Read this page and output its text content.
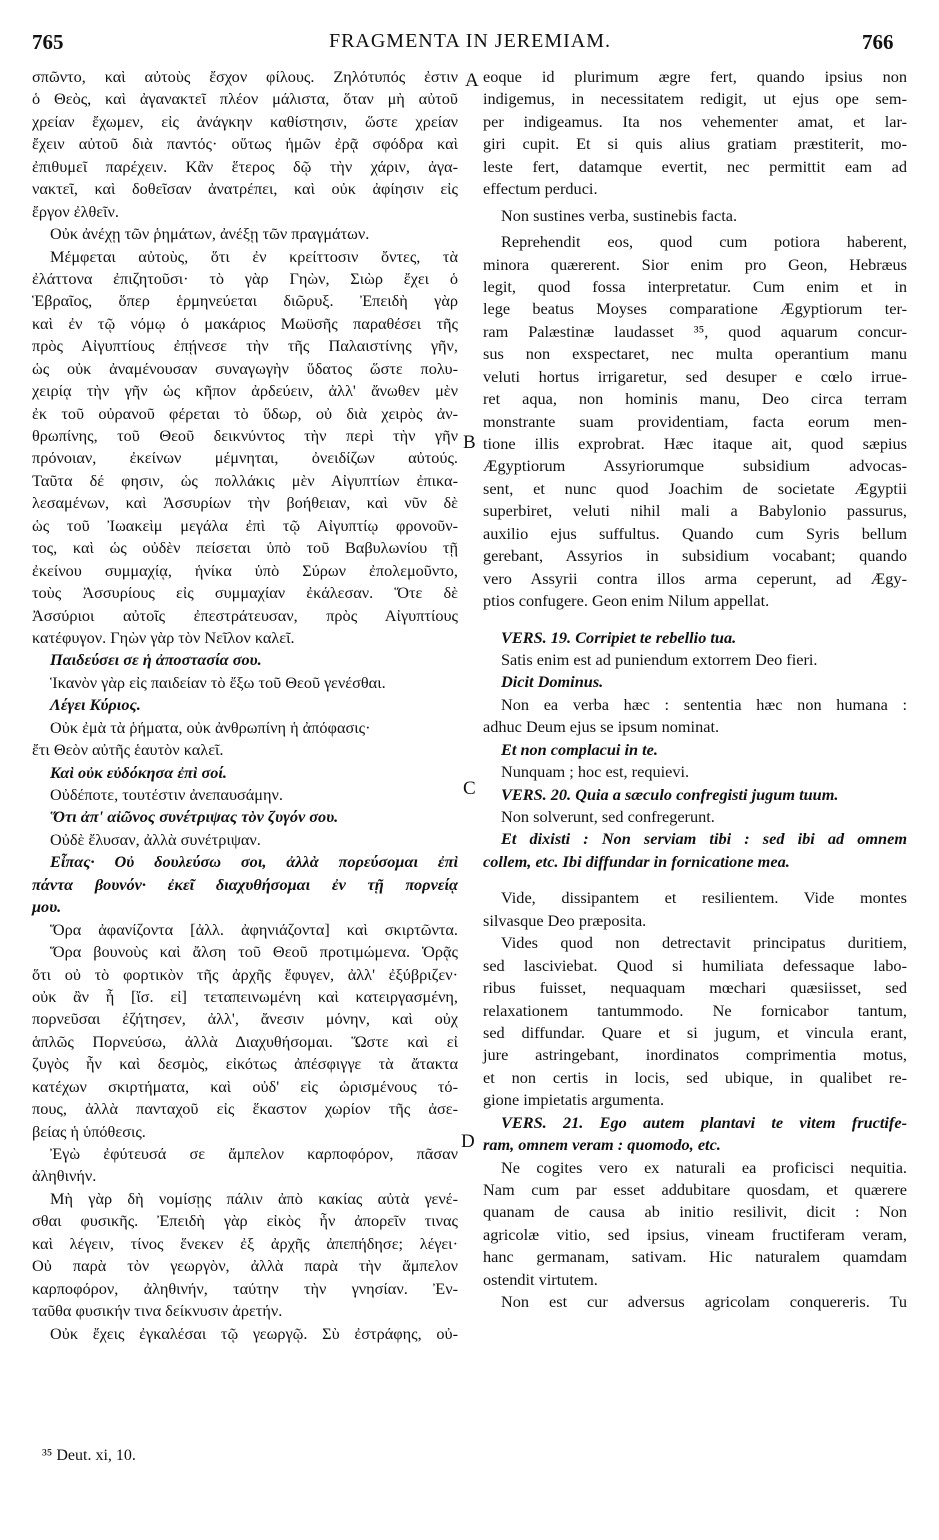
765	FRAGMENTA IN JEREMIAM.	766
A
B
C
D
σπῶντο, καὶ αὐτοὺς ἔσχον φίλους. Ζηλότυπός ἐστιν
ὁ Θεὸς, καὶ ἀγανακτεῖ πλέον μάλιστα, ὅταν μὴ αὐτοῦ
χρείαν ἔχωμεν, εἰς ἀνάγκην καθίστησιν, ὥστε χρείαν
ἔχειν αὐτοῦ διὰ παντός· οὕτως ἡμῶν ἐρᾷ σφόδρα καὶ
ἐπιθυμεῖ παρέχειν. Κἂν ἕτερος δῷ τὴν χάριν, ἀγα-
νακτεῖ, καὶ δοθεῖσαν ἀνατρέπει, καὶ οὐκ ἀφίησιν εἰς
ἔργον ἐλθεῖν.
Οὐκ ἀνέχῃ τῶν ῥημάτων, ἀνέξῃ τῶν πραγμάτων.
Μέμφεται αὐτοὺς, ὅτι ἐν κρείττοσιν ὄντες, τὰ
ἐλάττονα ἐπιζητοῦσι· τὸ γὰρ Γηὼν, Σιὼρ ἔχει ὁ
Ἑβραῖος, ὅπερ ἑρμηνεύεται διῶρυξ. Ἐπειδὴ γὰρ
καὶ ἐν τῷ νόμῳ ὁ μακάριος Μωϋσῆς παραθέσει τῆς
πρὸς Αἰγυπτίους ἐπῄνεσε τὴν τῆς Παλαιστίνης γῆν,
ὡς οὐκ ἀναμένουσαν συναγωγὴν ὕδατος ὥστε πολυ-
χειρίᾳ τὴν γῆν ὡς κῆπον ἀρδεύειν, ἀλλ' ἄνωθεν μὲν
ἐκ τοῦ οὐρανοῦ φέρεται τὸ ὕδωρ, οὐ διὰ χειρὸς ἀν-
θρωπίνης, τοῦ Θεοῦ δεικνύντος τὴν περὶ τὴν γῆν
πρόνοιαν, ἐκείνων μέμνηται, ὀνειδίζων αὐτούς.
Ταῦτα δέ φησιν, ὡς πολλάκις μὲν Αἰγυπτίων ἐπικα-
λεσαμένων, καὶ Ἀσσυρίων τὴν βοήθειαν, καὶ νῦν δὲ
ὡς τοῦ Ἰωακεὶμ μεγάλα ἐπὶ τῷ Αἰγυπτίῳ φρονοῦν-
τος, καὶ ὡς οὐδὲν πείσεται ὑπὸ τοῦ Βαβυλωνίου τῇ
ἐκείνου συμμαχίᾳ, ἡνίκα ὑπὸ Σύρων ἐπολεμοῦντο,
τοὺς Ἀσσυρίους εἰς συμμαχίαν ἐκάλεσαν. Ὅτε δὲ
Ἀσσύριοι αὐτοῖς ἐπεστράτευσαν, πρὸς Αἰγυπτίους
κατέφυγον. Γηὼν γὰρ τὸν Νεῖλον καλεῖ.
Παιδεύσει σε ἡ ἀποστασία σου.
Ἱκανὸν γὰρ εἰς παιδείαν τὸ ἔξω τοῦ Θεοῦ γενέσθαι.
Λέγει Κύριος.
Οὐκ ἐμὰ τὰ ῥήματα, οὐκ ἀνθρωπίνη ἡ ἀπόφασις·
ἔτι Θεὸν αὐτῆς ἑαυτὸν καλεῖ.
Καὶ οὐκ εὐδόκησα ἐπὶ σοί.
Οὐδέποτε, τουτέστιν ἀνεπαυσάμην.
Ὅτι ἀπ' αἰῶνος συνέτριψας τὸν ζυγόν σου.
Οὐδὲ ἔλυσαν, ἀλλὰ συνέτριψαν.
Εἶπας· Οὐ δουλεύσω σοι, ἀλλὰ πορεύσομαι ἐπὶ
πάντα βουνόν· ἐκεῖ διαχυθήσομαι ἐν τῇ πορνείᾳ
μου.
Ὅρα ἀφανίζοντα [ἀλλ. ἀφηνιάζοντα] καὶ σκιρτῶντα.
Ὅρα βουνοὺς καὶ ἄλση τοῦ Θεοῦ προτιμώμενα. Ὁρᾷς
ὅτι οὐ τὸ φορτικὸν τῆς ἀρχῆς ἔφυγεν, ἀλλ' ἐξύβριζεν·
οὐκ ἂν ἦ [ἴσ. εἰ] τεταπεινωμένη καὶ κατειργασμένη,
πορνεῦσαι ἐζήτησεν, ἀλλ', ἄνεσιν μόνην, καὶ οὐχ
ἁπλῶς Πορνεύσω, ἀλλὰ Διαχυθήσομαι. Ὥστε καὶ εἰ
ζυγὸς ἦν καὶ δεσμὸς, εἰκότως ἀπέσφιγγε τὰ ἄτακτα
κατέχων σκιρτήματα, καὶ οὐδ' εἰς ὡρισμένους τό-
πους, ἀλλὰ πανταχοῦ εἰς ἕκαστον χωρίον τῆς ἀσε-
βείας ἡ ὑπόθεσις.
Ἐγὼ ἐφύτευσά σε ἄμπελον καρποφόρον, πᾶσαν
ἀληθινήν.
Μὴ γὰρ δὴ νομίσῃς πάλιν ἀπὸ κακίας αὐτὰ γενέ-
σθαι φυσικῆς. Ἐπειδὴ γὰρ εἰκὸς ἦν ἀπορεῖν τινας
καὶ λέγειν, τίνος ἕνεκεν ἐξ ἀρχῆς ἀπεπήδησε; λέγει·
Οὐ παρὰ τὸν γεωργὸν, ἀλλὰ παρὰ τὴν ἄμπελον
καρποφόρον, ἀληθινήν, ταύτην τὴν γνησίαν. Ἐν-
ταῦθα φυσικήν τινα δείκνυσιν ἀρετήν.
Οὐκ ἔχεις ἐγκαλέσαι τῷ γεωργῷ. Σὺ ἐστράφης, οὐ-
eoque id plurimum ægre fert, quando ipsius non
indigemus, in necessitatem redigit, ut ejus ope sem-
per indigeamus. Ita nos vehementer amat, et lar-
giri cupit. Et si quis alius gratiam præstiterit, mo-
leste fert, datamque evertit, nec permittit eam ad
effectum perduci.
Non sustines verba, sustinebis facta.
Reprehendit eos, quod cum potiora haberent,
minora quærerent. Sior enim pro Geon, Hebræus
legit, quod fossa interpretatur. Cum enim et in
lege beatus Moyses comparatione Ægyptiorum ter-
ram Palæstinæ laudasset ³⁵, quod aquarum concur-
sus non exspectaret, nec multa operantium manu
veluti hortus irrigaretur, sed desuper e cœlo irrue-
ret aqua, non hominis manu, Deo circa terram
monstrante suam providentiam, facta eorum men-
tione illis exprobrat. Hæc itaque ait, quod sæpius
Ægyptiorum Assyriorumque subsidium advocas-
sent, et nunc quod Joachim de societate Ægyptii
superbiret, veluti nihil mali a Babylonio passurus,
auxilio ejus suffultus. Quando cum Syris bellum
gerebant, Assyrios in subsidium vocabant; quando
vero Assyrii contra illos arma ceperunt, ad Ægy-
ptios confugere. Geon enim Nilum appellat.
VERS. 19. Corripiet te rebellio tua.
Satis enim est ad puniendum extorrem Deo fieri.
Dicit Dominus.
Non ea verba hæc : sententia hæc non humana :
adhuc Deum ejus se ipsum nominat.
Et non complacui in te.
Nunquam ; hoc est, requievi.
VERS. 20. Quia a sæculo confregisti jugum tuum.
Non solverunt, sed confregerunt.
Et dixisti : Non serviam tibi : sed ibi ad omnem
collem, etc. Ibi diffundar in fornicatione mea.
Vide, dissipantem et resilientem. Vide montes
silvasque Deo præposita.
Vides quod non detrectavit principatus duritiem,
sed lasciviebat. Quod si humiliata defessaque labo-
ribus fuisset, nequaquam mœchari quæsiisset, sed
relaxationem tantummodo. Ne fornicabor tantum,
sed diffundar. Quare et si jugum, et vincula erant,
jure astringebant, inordinatos comprimentia motus,
et non certis in locis, sed ubique, in qualibet re-
gione impietatis argumenta.
VERS. 21. Ego autem plantavi te vitem fructife-
ram, omnem veram : quomodo, etc.
Ne cogites vero ex naturali ea proficisci nequitia.
Nam cum par esset addubitare quosdam, et quærere
quanam de causa ab initio resilivit, dicit : Non
agricolæ vitio, sed ipsius, vineam fructiferam veram,
hanc germanam, sativam. Hic naturalem quamdam
ostendit virtutem.
Non est cur adversus agricolam conquereris. Tu
³⁵ Deut. xi, 10.
